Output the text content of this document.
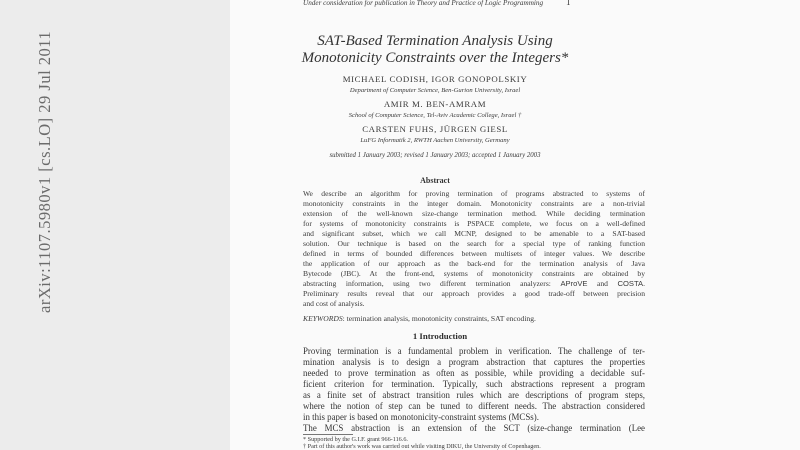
arXiv:1107.5980v1 [cs.LO] 29 Jul 2011
Under consideration for publication in Theory and Practice of Logic Programming	1
SAT-Based Termination Analysis Using
Monotonicity Constraints over the Integers*
MICHAEL CODISH, IGOR GONOPOLSKIY
Department of Computer Science, Ben-Gurion University, Israel
AMIR M. BEN-AMRAM
School of Computer Science, Tel-Aviv Academic College, Israel †
CARSTEN FUHS, JÜRGEN GIESL
LuFG Informatik 2, RWTH Aachen University, Germany
submitted 1 January 2003; revised 1 January 2003; accepted 1 January 2003
Abstract
We describe an algorithm for proving termination of programs abstracted to systems of
monotonicity constraints in the integer domain. Monotonicity constraints are a non-trivial
extension of the well-known size-change termination method. While deciding termination
for systems of monotonicity constraints is PSPACE complete, we focus on a well-defined
and significant subset, which we call MCNP, designed to be amenable to a SAT-based
solution. Our technique is based on the search for a special type of ranking function
defined in terms of bounded differences between multisets of integer values. We describe
the application of our approach as the back-end for the termination analysis of Java
Bytecode (JBC). At the front-end, systems of monotonicity constraints are obtained by
abstracting information, using two different termination analyzers: AProVE and COSTA.
Preliminary results reveal that our approach provides a good trade-off between precision
and cost of analysis.
KEYWORDS: termination analysis, monotonicity constraints, SAT encoding.
1 Introduction
Proving termination is a fundamental problem in verification. The challenge of ter-
mination analysis is to design a program abstraction that captures the properties
needed to prove termination as often as possible, while providing a decidable suf-
ficient criterion for termination. Typically, such abstractions represent a program
as a finite set of abstract transition rules which are descriptions of program steps,
where the notion of step can be tuned to different needs. The abstraction considered
in this paper is based on monotonicity-constraint systems (MCSs).
The MCS abstraction is an extension of the SCT (size-change termination (Lee
* Supported by the G.I.F. grant 966-116.6.
† Part of this author's work was carried out while visiting DIKU, the University of Copenhagen.
